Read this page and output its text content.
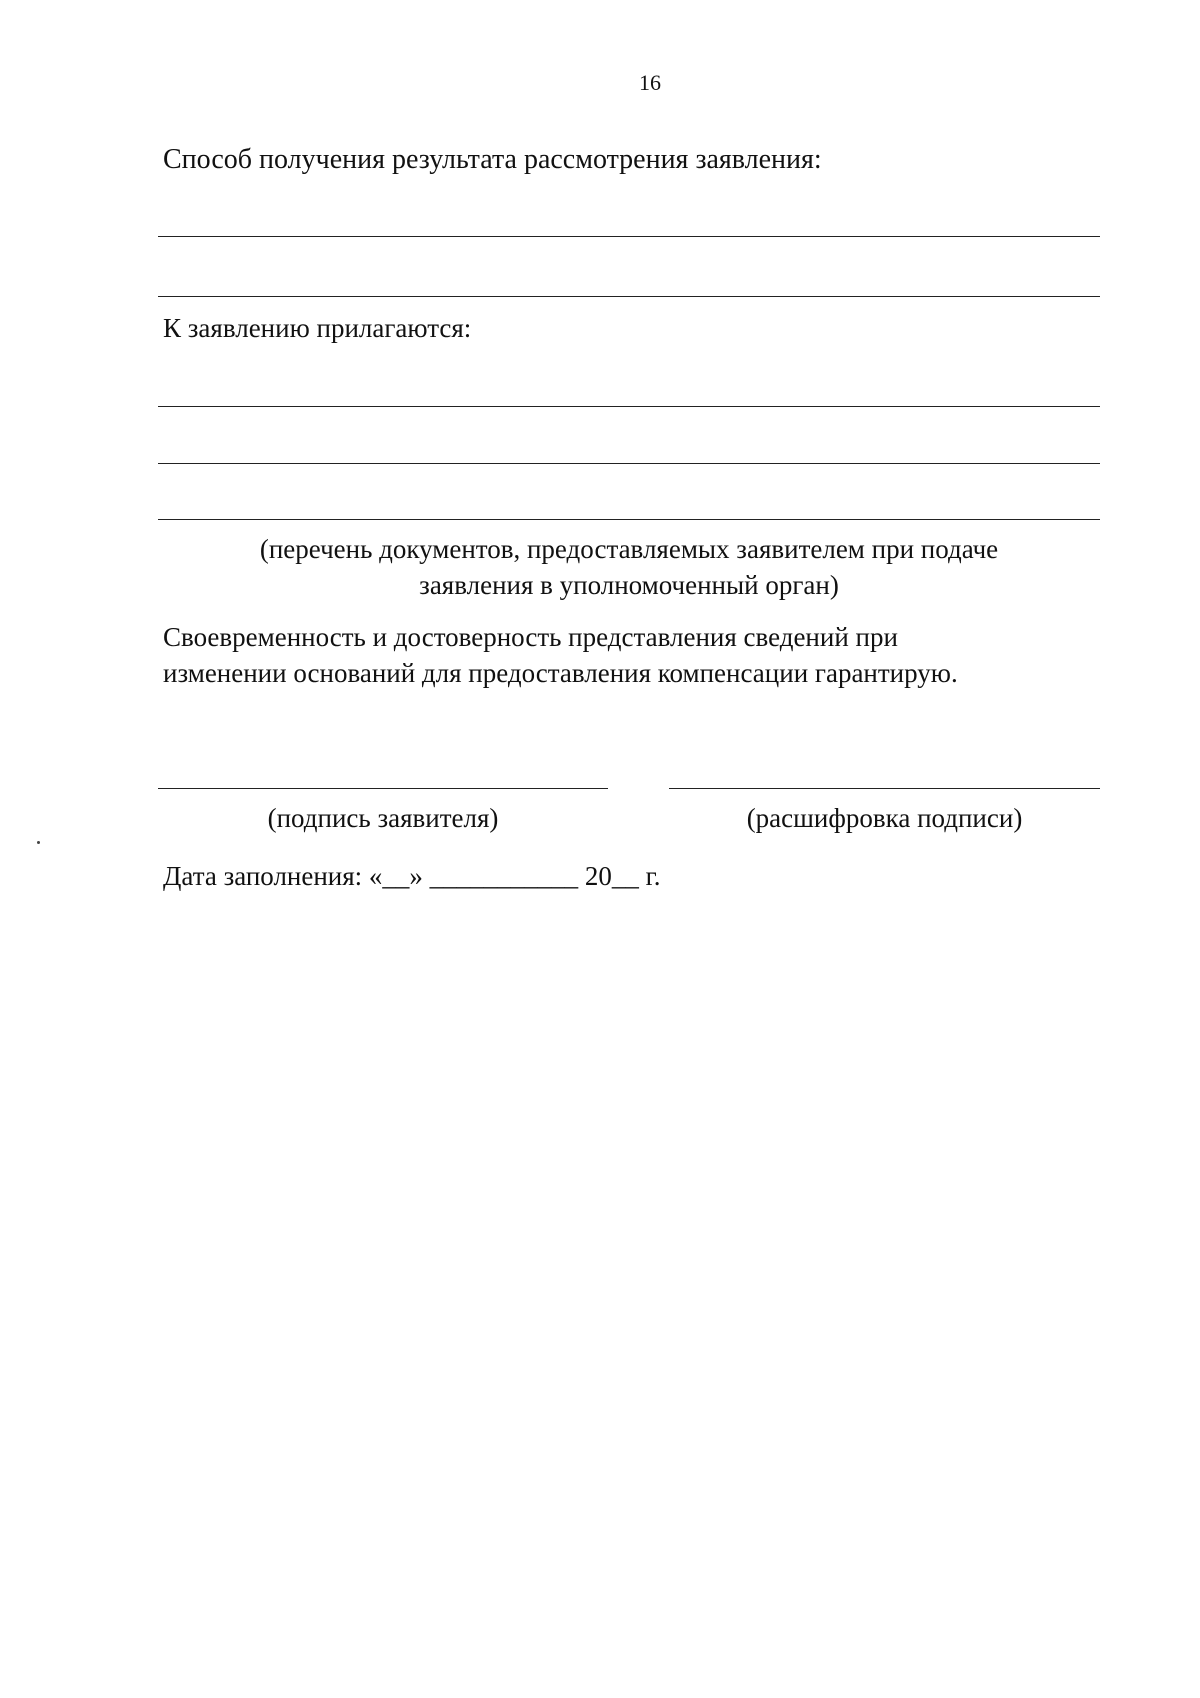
16
Способ получения результата рассмотрения заявления:
К заявлению прилагаются:
(перечень документов, предоставляемых заявителем при подаче
заявления в уполномоченный орган)
Своевременность и достоверность представления сведений при
изменении оснований для предоставления компенсации гарантирую.
(подпись заявителя)	(расшифровка подписи)
Дата заполнения: «__» ___________ 20__ г.
